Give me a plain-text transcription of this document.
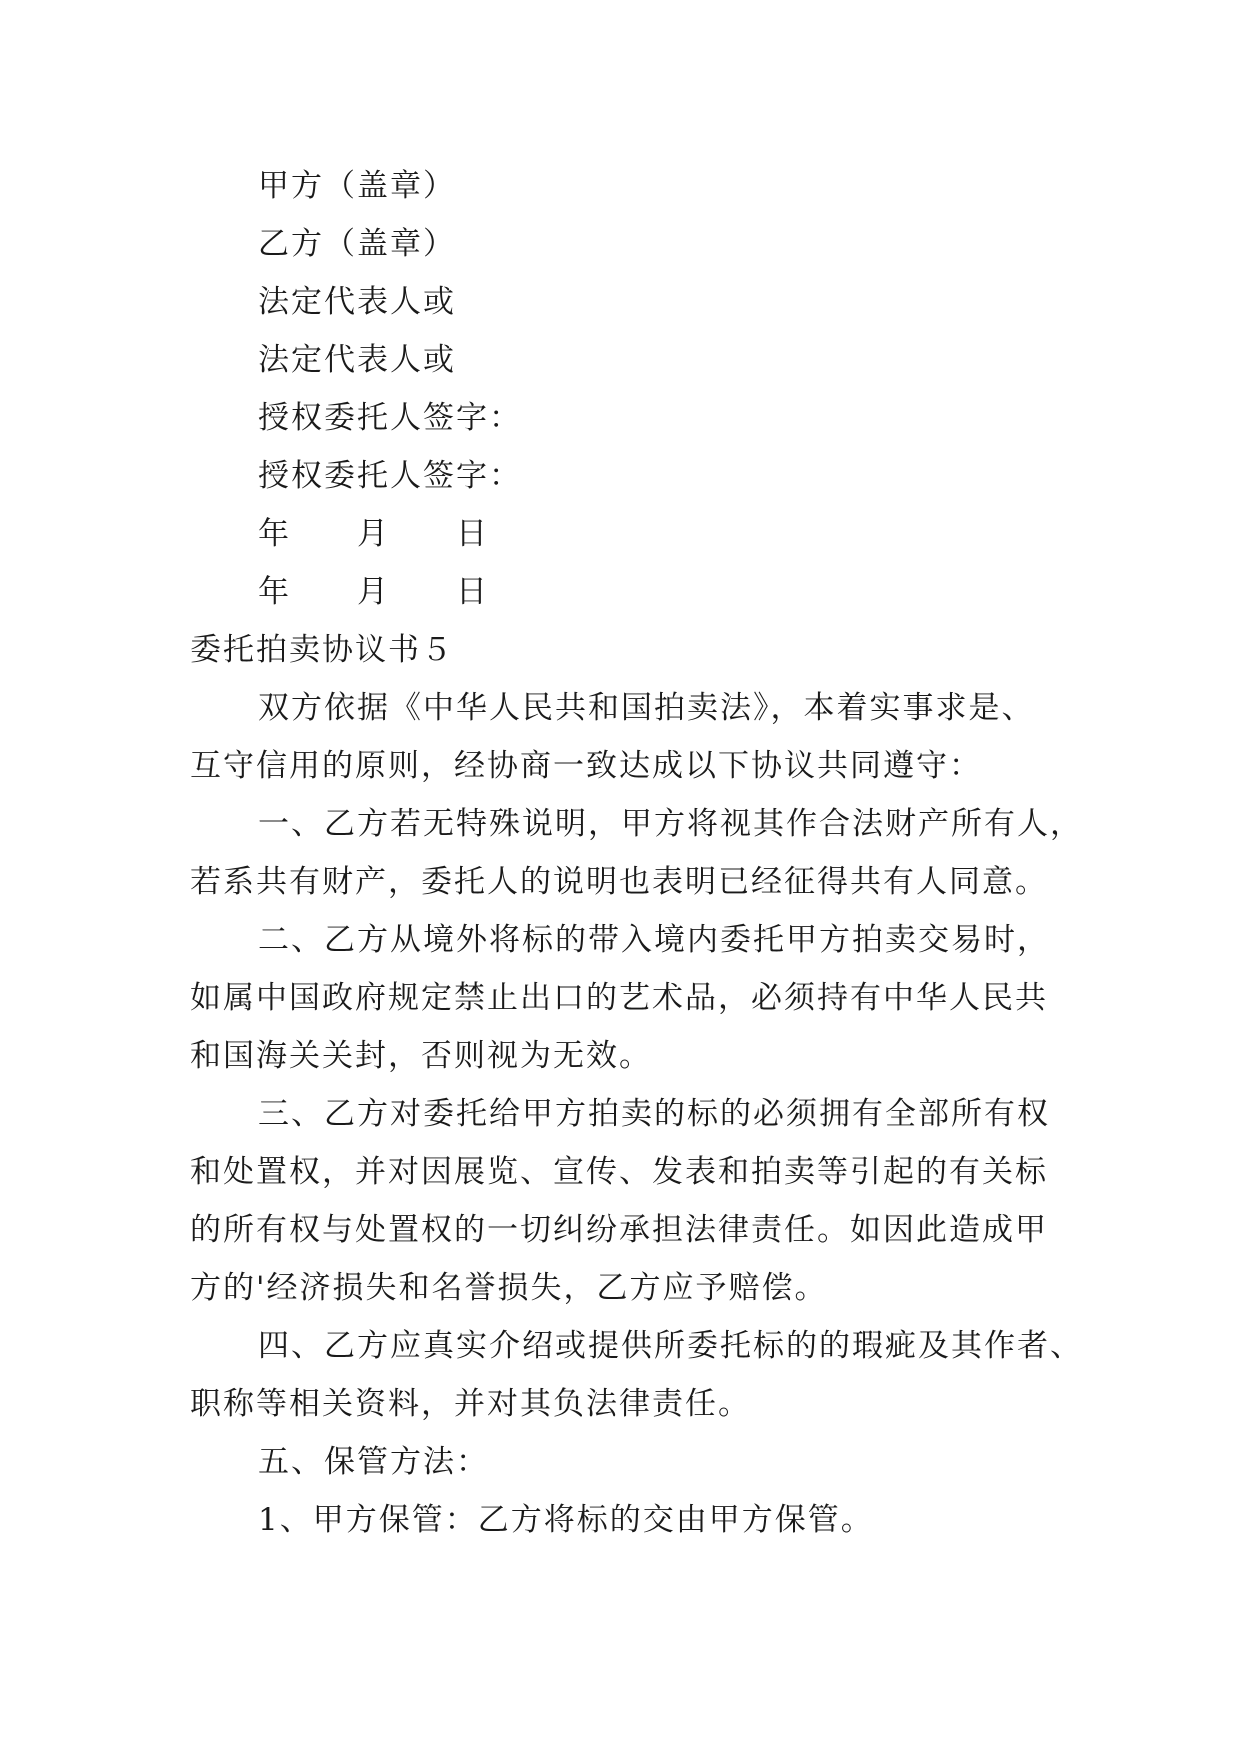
甲方（盖章）
乙方（盖章）
法定代表人或
法定代表人或
授权委托人签字：
授权委托人签字：
年　　月　　日
年　　月　　日
委托拍卖协议书５
双方依据《中华人民共和国拍卖法》，本着实事求是、
互守信用的原则，经协商一致达成以下协议共同遵守：
一、乙方若无特殊说明，甲方将视其作合法财产所有人，
若系共有财产，委托人的说明也表明已经征得共有人同意。
二、乙方从境外将标的带入境内委托甲方拍卖交易时，
如属中国政府规定禁止出口的艺术品，必须持有中华人民共
和国海关关封，否则视为无效。
三、乙方对委托给甲方拍卖的标的必须拥有全部所有权
和处置权，并对因展览、宣传、发表和拍卖等引起的有关标
的所有权与处置权的一切纠纷承担法律责任。如因此造成甲
方的'经济损失和名誉损失，乙方应予赔偿。
四、乙方应真实介绍或提供所委托标的的瑕疵及其作者、
职称等相关资料，并对其负法律责任。
五、保管方法：
1、甲方保管：乙方将标的交由甲方保管。
